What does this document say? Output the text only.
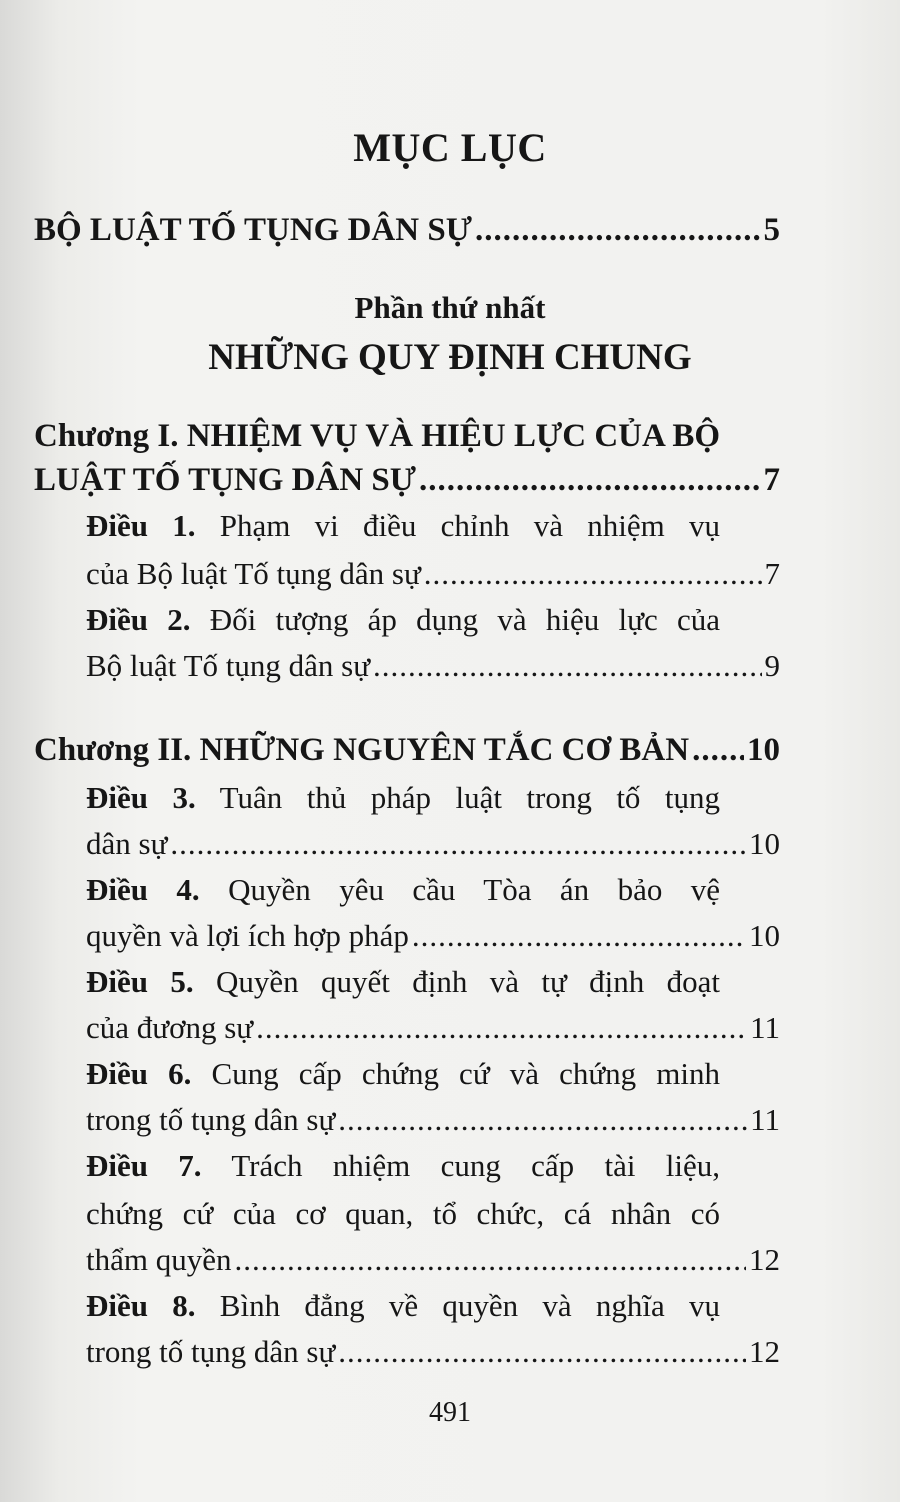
MỤC LỤC
BỘ LUẬT TỐ TỤNG DÂN SỰ .....	5
Phần thứ nhất
NHỮNG QUY ĐỊNH CHUNG
Chương I. NHIỆM VỤ VÀ HIỆU LỰC CỦA BỘ
LUẬT TỐ TỤNG DÂN SỰ .....	7
Điều 1. Phạm vi điều chỉnh và nhiệm vụ
của Bộ luật Tố tụng dân sự .....	7
Điều 2. Đối tượng áp dụng và hiệu lực của
Bộ luật Tố tụng dân sự .....	9
Chương II. NHỮNG NGUYÊN TẮC CƠ BẢN ..... 10
Điều 3. Tuân thủ pháp luật trong tố tụng
dân sự .....	10
Điều 4. Quyền yêu cầu Tòa án bảo vệ
quyền và lợi ích hợp pháp .....	10
Điều 5. Quyền quyết định và tự định đoạt
của đương sự .....	11
Điều 6. Cung cấp chứng cứ và chứng minh
trong tố tụng dân sự .....	11
Điều 7. Trách nhiệm cung cấp tài liệu,
chứng cứ của cơ quan, tổ chức, cá nhân có
thẩm quyền .....	12
Điều 8. Bình đẳng về quyền và nghĩa vụ
trong tố tụng dân sự .....	12
491
